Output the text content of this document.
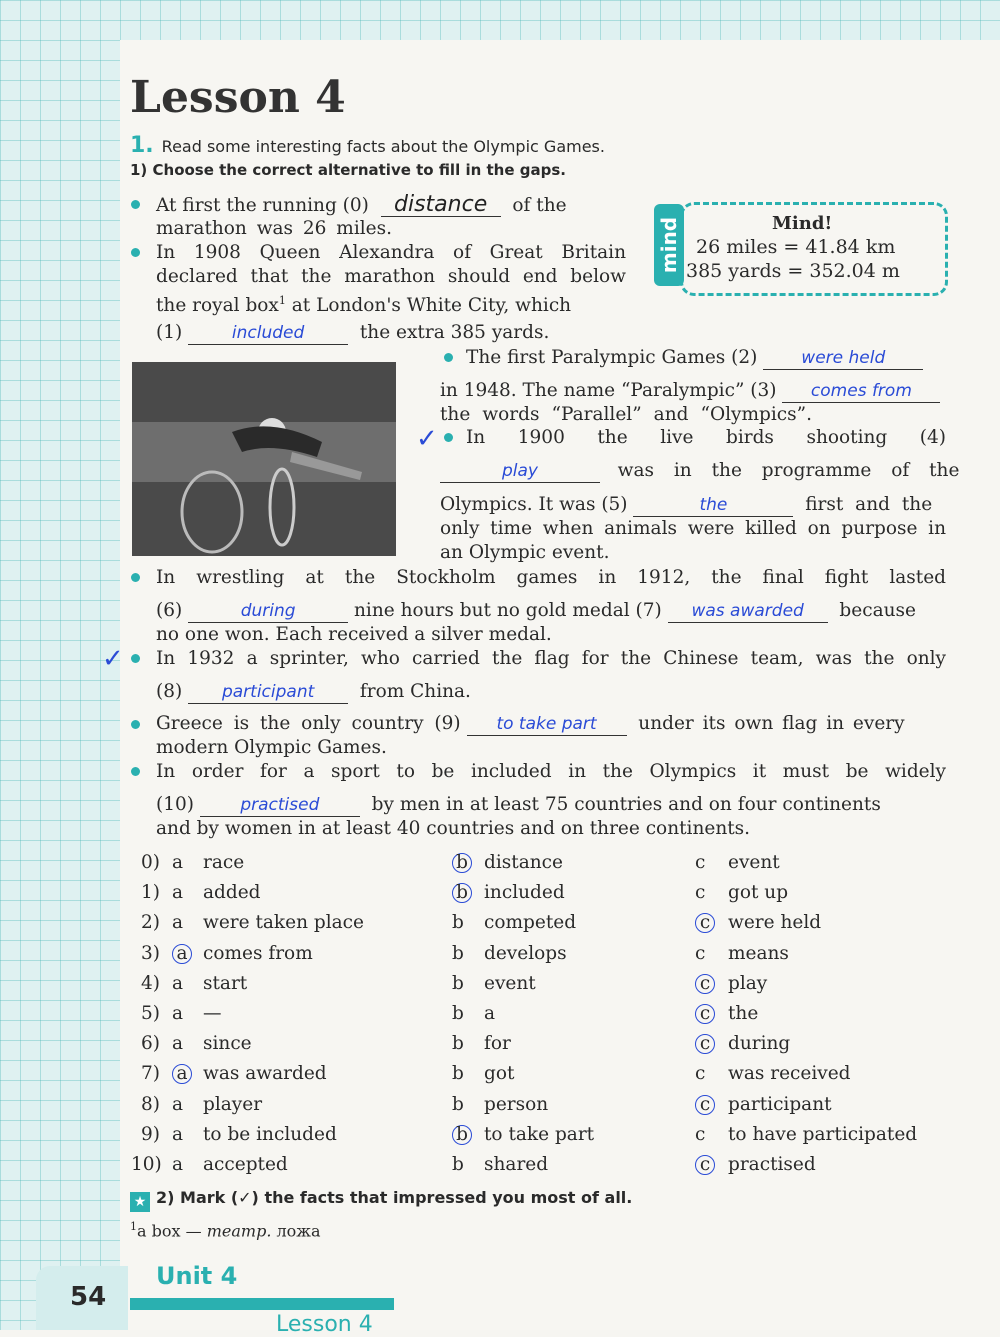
Lesson 4
1. Read some interesting facts about the Olympic Games.
1) Choose the correct alternative to fill in the gaps.
mind	Mind!
26 miles = 41.84 km
385 yards = 352.04 m
At first the running (0) distance of the
marathon was 26 miles.
In 1908 Queen Alexandra of Great Britain
declared that the marathon should end below
the royal box$^1$ at London's White City, which
(1)	included	the extra 385 yards.
The first Paralympic Games (2)	were held
in 1948. The name “Paralympic” (3) comes from
the words “Parallel” and “Olympics”.
In 1900 the live birds shooting (4)
play	was in the programme of the
Olympics. It was (5)	the	first and the
only time when animals were killed on purpose in
an Olympic event.
In wrestling at the Stockholm games in 1912, the final fight lasted
(6)	during	nine hours but no gold medal (7) was awarded because
no one won. Each received a silver medal.
In 1932 a sprinter, who carried the flag for the Chinese team, was the only
(8) participant from China.
Greece is the only country (9) to take part under its own flag in every
modern Olympic Games.
In order for a sport to be included in the Olympics it must be widely
(10)	practised	by men in at least 75 countries and on four continents
and by women in at least 40 countries and on three continents.
0) a race	b distance	c event
1) a added	b included	c got up
2) a were taken place	b competed	c were held
3) a comes from	b develops	c means
4) a start	b event	c play
5) a —	b a	c the
6) a since	b for	c during
7) a was awarded	b got	c was received
8) a player	b person	c participant
9) a to be included	b to take part	c to have participated
10) a accepted	b shared	c practised
✓
✓
★ 2) Mark (✓) the facts that impressed you most of all.
$^1$a box — театр. ложа
54
Unit 4
Lesson 4
